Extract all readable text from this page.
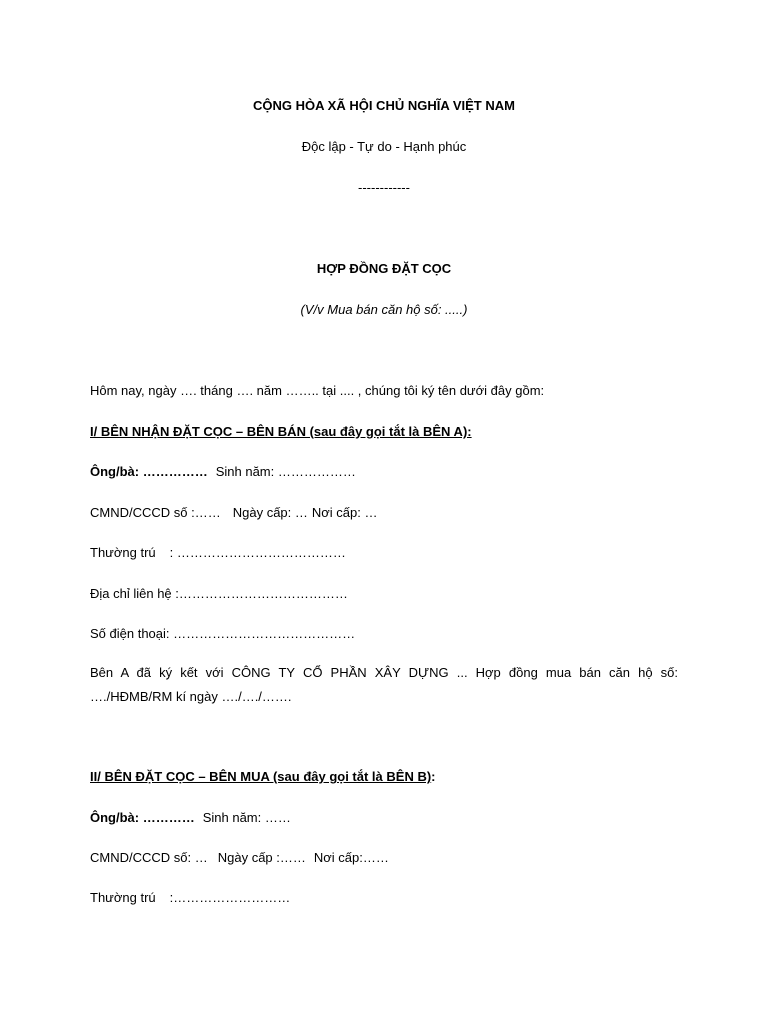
CỘNG HÒA XÃ HỘI CHỦ NGHĨA VIỆT NAM
Độc lập - Tự do - Hạnh phúc
------------
HỢP ĐỒNG ĐẶT CỌC
(V/v Mua bán căn hộ số: .....)
Hôm nay, ngày …. tháng …. năm …….. tại .... , chúng tôi ký tên dưới đây gồm:
I/ BÊN NHẬN ĐẶT CỌC – BÊN BÁN (sau đây gọi tắt là BÊN A):
Ông/bà: …………… Sinh năm: ………………
CMND/CCCD số :…… Ngày cấp: … Nơi cấp: …
Thường trú : …………………………………
Địa chỉ liên hệ :…………………………………
Số điện thoại: ……………………………………
Bên A đã ký kết với CÔNG TY CỔ PHẦN XÂY DỰNG ... Hợp đồng mua bán căn hộ số:
…./HĐMB/RM kí ngày …./…./…….
II/ BÊN ĐẶT CỌC – BÊN MUA (sau đây gọi tắt là BÊN B):
Ông/bà: ………… Sinh năm: ……
CMND/CCCD số: … Ngày cấp :…… Nơi cấp:……
Thường trú :………………………
